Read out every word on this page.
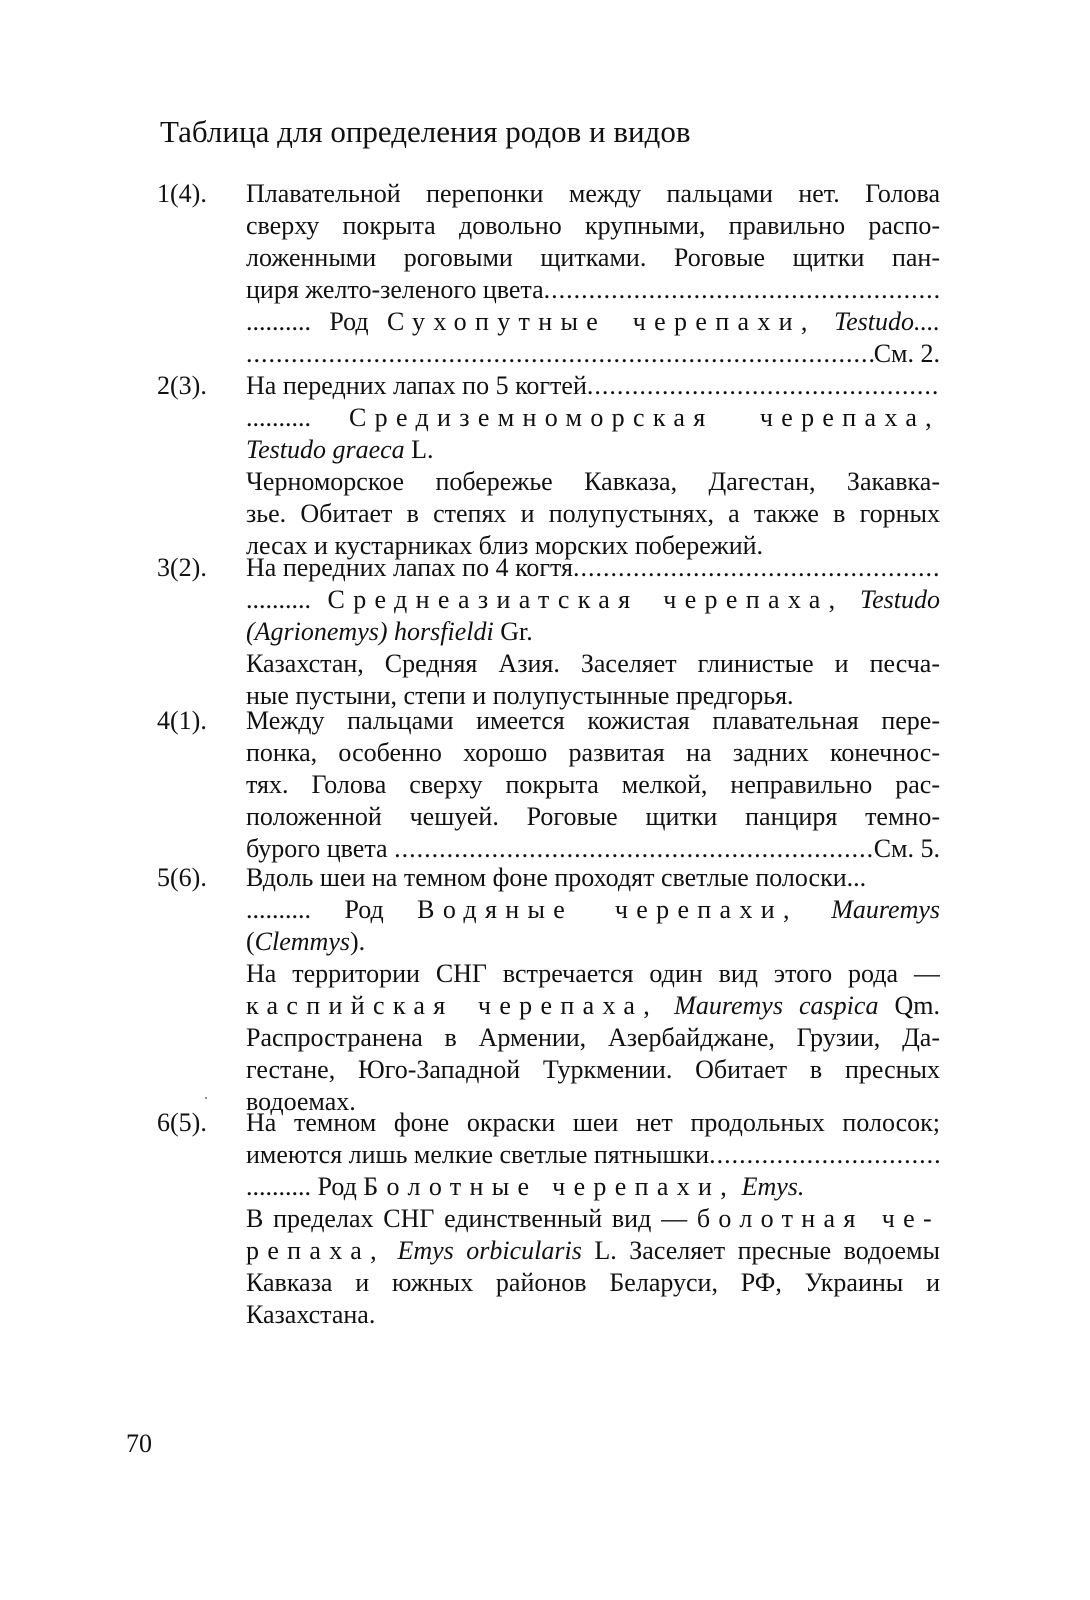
Таблица для определения родов и видов
1(4). Плавательной перепонки между пальцами нет. Голова
сверху покрыта довольно крупными, правильно распо-
ложенными роговыми щитками. Роговые щитки пан-
циря желто-зеленого цвета
.....
.......... Род Сухопутные черепахи, Testudo....
.....
См. 2.
2(3). На передних лапах по 5 когтей
.....
.......... Средиземноморская черепаха,
Testudo graeca L.
Черноморское побережье Кавказа, Дагестан, Закавка-
зье. Обитает в степях и полупустынях, а также в горных
лесах и кустарниках близ морских побережий.
3(2). На передних лапах по 4 когтя
.....
.......... Среднеазиатская черепаха, Testudo
(Agrionemys) horsfieldi Gr.
Казахстан, Средняя Азия. Заселяет глинистые и песча-
ные пустыни, степи и полупустынные предгорья.
4(1). Между пальцами имеется кожистая плавательная пере-
понка, особенно хорошо развитая на задних конечнос-
тях. Голова сверху покрыта мелкой, неправильно рас-
положенной чешуей. Роговые щитки панциря темно-
бурого цвета

.....	См. 5.
5(6). Вдоль шеи на темном фоне проходят светлые полоски...
.......... Род Водяные черепахи, Mauremys
(Clemmys).
На территории СНГ встречается один вид этого рода —
каспийская черепаха, Mauremys caspica Qm.
Распространена в Армении, Азербайджане, Грузии, Да-
гестане, Юго-Западной Туркмении. Обитает в пресных
водоемах.
6(5). На темном фоне окраски шеи нет продольных полосок;
имеются лишь мелкие светлые пятнышки
.....
.......... Род Болотные черепахи, Emys.
В пределах СНГ единственный вид — болотная че-
репаха, Emys orbicularis L. Заселяет пресные водоемы
Кавказа и южных районов Беларуси, РФ, Украины и
Казахстана.
70
